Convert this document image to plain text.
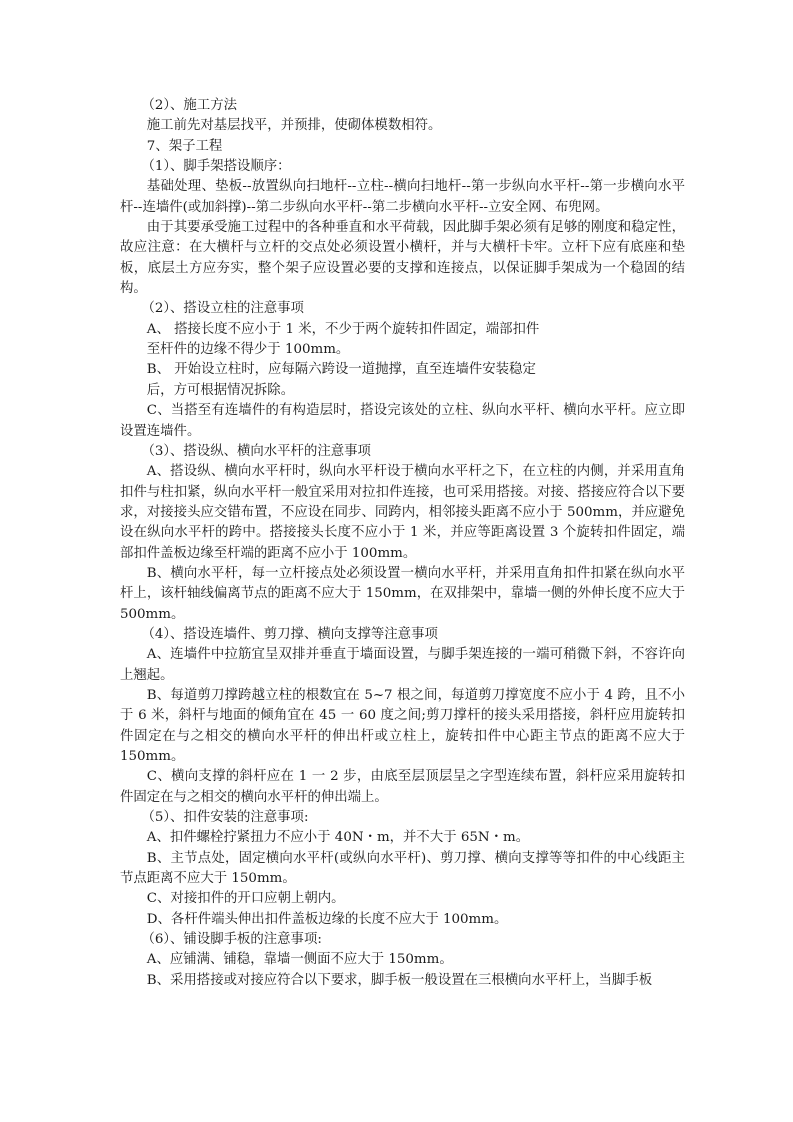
（2）、施工方法

施工前先对基层找平，并预排，使砌体模数相符。

7、架子工程

（1）、脚手架搭设顺序：

基础处理、垫板--放置纵向扫地杆--立柱--横向扫地杆--第一步纵向水平杆--第一步横向水平杆--连墙件(或加斜撑)--第二步纵向水平杆--第二步横向水平杆--立安全网、布兜网。

由于其要承受施工过程中的各种垂直和水平荷载，因此脚手架必须有足够的刚度和稳定性，故应注意：在大横杆与立杆的交点处必须设置小横杆，并与大横杆卡牢。立杆下应有底座和垫板，底层土方应夯实，整个架子应设置必要的支撑和连接点，以保证脚手架成为一个稳固的结构。

（2）、搭设立柱的注意事项

A、 搭接长度不应小于 1 米，不少于两个旋转扣件固定，端部扣件

至杆件的边缘不得少于 100mm。

B、 开始设立柱时，应每隔六跨设一道抛撑，直至连墙件安装稳定

后，方可根据情况拆除。

C、当搭至有连墙件的有构造层时，搭设完该处的立柱、纵向水平杆、横向水平杆。应立即设置连墙件。

（3）、搭设纵、横向水平杆的注意事项

A、搭设纵、横向水平杆时，纵向水平杆设于横向水平杆之下，在立柱的内侧，并采用直角扣件与柱扣紧，纵向水平杆一般宜采用对拉扣件连接，也可采用搭接。对接、搭接应符合以下要求，对接接头应交错布置，不应设在同步、同跨内，相邻接头距离不应小于 500mm，并应避免设在纵向水平杆的跨中。搭接接头长度不应小于 1 米，并应等距离设置 3 个旋转扣件固定，端部扣件盖板边缘至杆端的距离不应小于 100mm。

B、横向水平杆，每一立杆接点处必须设置一横向水平杆，并采用直角扣件扣紧在纵向水平杆上，该杆轴线偏离节点的距离不应大于 150mm，在双排架中，靠墙一侧的外伸长度不应大于 500mm。

（4）、搭设连墙件、剪刀撑、横向支撑等注意事项

A、连墙件中拉筋宜呈双排并垂直于墙面设置，与脚手架连接的一端可稍微下斜，不容许向上翘起。

B、每道剪刀撑跨越立柱的根数宜在 5~7 根之间，每道剪刀撑宽度不应小于 4 跨，且不小于 6 米，斜杆与地面的倾角宜在 45 一 60 度之间;剪刀撑杆的接头采用搭接，斜杆应用旋转扣件固定在与之相交的横向水平杆的伸出杆或立柱上，旋转扣件中心距主节点的距离不应大于 150mm。

C、横向支撑的斜杆应在 1 一 2 步，由底至层顶层呈之字型连续布置，斜杆应采用旋转扣件固定在与之相交的横向水平杆的伸出端上。

（5）、扣件安装的注意事项:

A、扣件螺栓拧紧扭力不应小于 40N・m，并不大于 65N・m。

B、主节点处，固定横向水平杆(或纵向水平杆)、剪刀撑、横向支撑等等扣件的中心线距主节点距离不应大于 150mm。

C、对接扣件的开口应朝上朝内。

D、各杆件端头伸出扣件盖板边缘的长度不应大于 100mm。

（6）、铺设脚手板的注意事项:

A、应铺满、铺稳，靠墙一侧面不应大于 150mm。

B、采用搭接或对接应符合以下要求，脚手板一般设置在三根横向水平杆上，当脚手板
